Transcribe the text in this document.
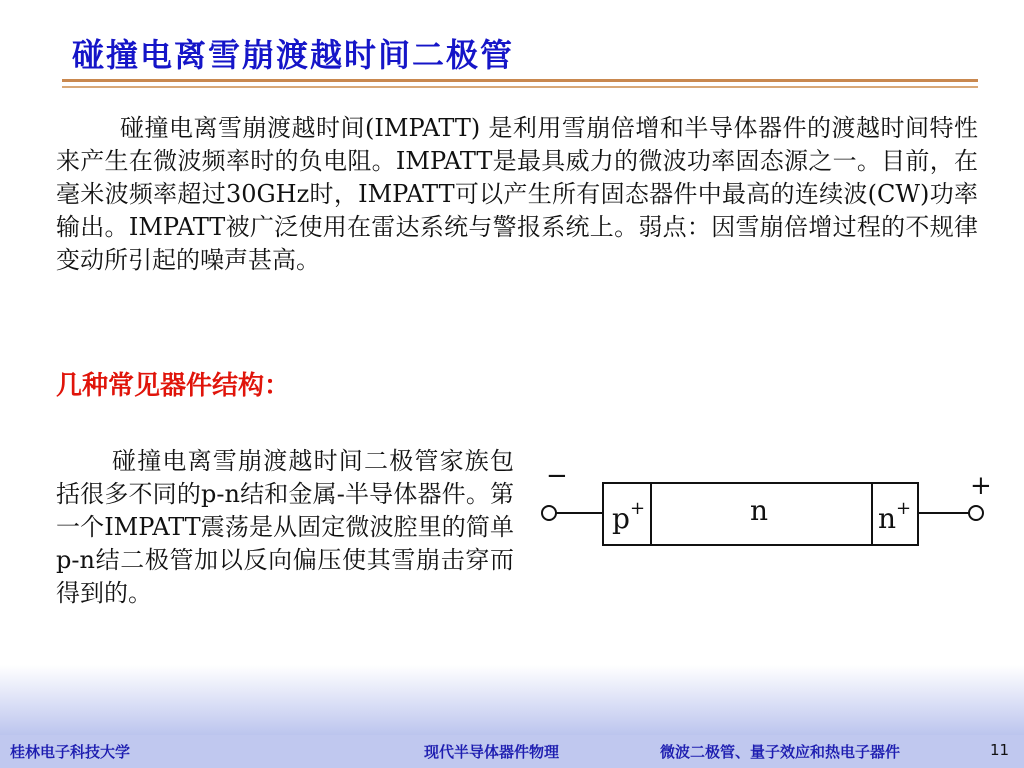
碰撞电离雪崩渡越时间二极管

碰撞电离雪崩渡越时间(IMPATT) 是利用雪崩倍增和半导体器件的渡越时间特性来产生在微波频率时的负电阻。IMPATT是最具威力的微波功率固态源之一。目前，在毫米波频率超过30GHz时，IMPATT可以产生所有固态器件中最高的连续波(CW)功率输出。IMPATT被广泛使用在雷达系统与警报系统上。弱点：因雪崩倍增过程的不规律变动所引起的噪声甚高。

几种常见器件结构：

碰撞电离雪崩渡越时间二极管家族包括很多不同的p-n结和金属-半导体器件。第一个IMPATT震荡是从固定微波腔里的简单p-n结二极管加以反向偏压使其雪崩击穿而得到的。

−	+
p+	n	n+
桂林电子科技大学	现代半导体器件物理	微波二极管、量子效应和热电子器件	11
